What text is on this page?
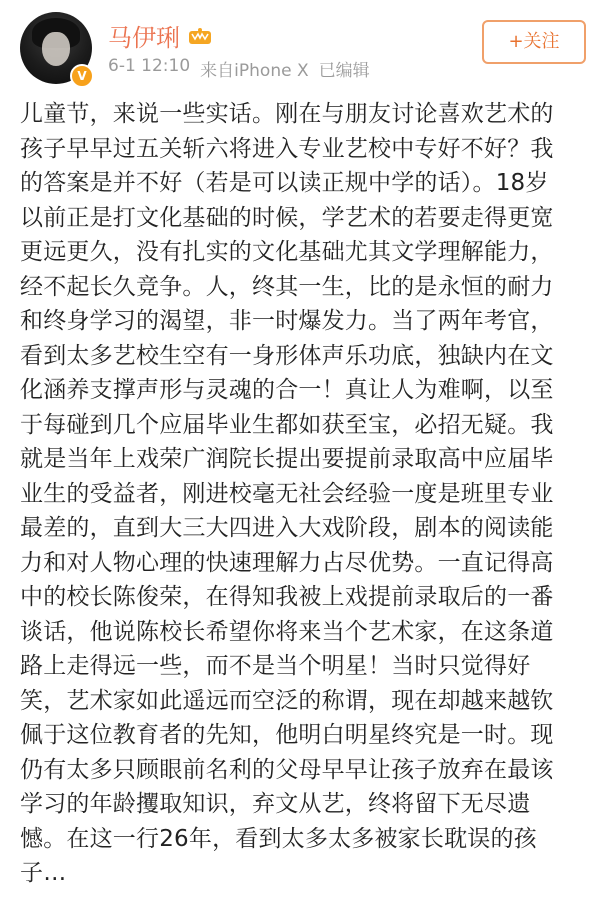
V
马伊琍
6-1 12:10 来自iPhone X 已编辑
+关注
儿童节，来说一些实话。刚在与朋友讨论喜欢艺术的
孩子早早过五关斩六将进入专业艺校中专好不好？我
的答案是并不好（若是可以读正规中学的话）。18岁
以前正是打文化基础的时候，学艺术的若要走得更宽
更远更久，没有扎实的文化基础尤其文学理解能力，
经不起长久竞争。人，终其一生，比的是永恒的耐力
和终身学习的渴望，非一时爆发力。当了两年考官，
看到太多艺校生空有一身形体声乐功底，独缺内在文
化涵养支撑声形与灵魂的合一！真让人为难啊，以至
于每碰到几个应届毕业生都如获至宝，必招无疑。我
就是当年上戏荣广润院长提出要提前录取高中应届毕
业生的受益者，刚进校毫无社会经验一度是班里专业
最差的，直到大三大四进入大戏阶段，剧本的阅读能
力和对人物心理的快速理解力占尽优势。一直记得高
中的校长陈俊荣，在得知我被上戏提前录取后的一番
谈话，他说陈校长希望你将来当个艺术家，在这条道
路上走得远一些，而不是当个明星！当时只觉得好
笑，艺术家如此遥远而空泛的称谓，现在却越来越钦
佩于这位教育者的先知，他明白明星终究是一时。现
仍有太多只顾眼前名利的父母早早让孩子放弃在最该
学习的年龄攫取知识，弃文从艺，终将留下无尽遗
憾。在这一行26年，看到太多太多被家长耽误的孩
子…
